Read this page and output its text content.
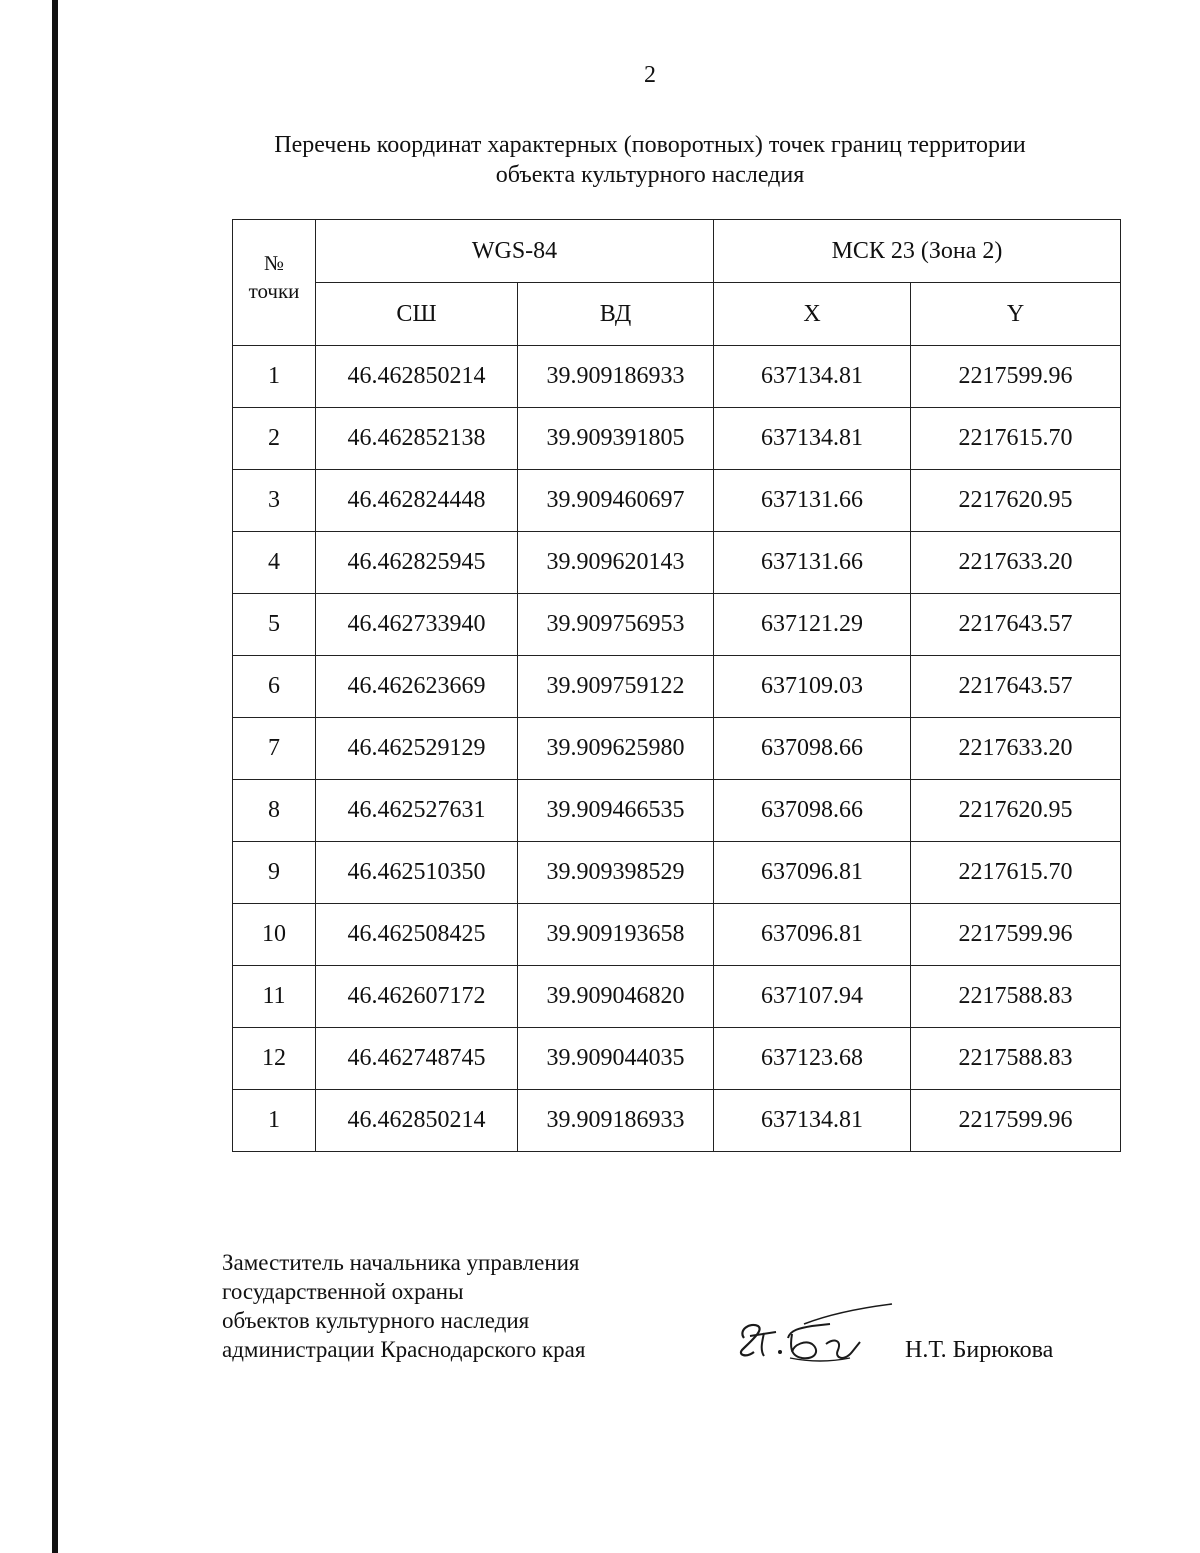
2
Перечень координат характерных (поворотных) точек границ территории
объекта культурного наследия
№
точки	WGS-84		МСК 23 (Зона 2)	
	СШ	ВД	X	Y
1	46.462850214	39.909186933	637134.81	2217599.96
2	46.462852138	39.909391805	637134.81	2217615.70
3	46.462824448	39.909460697	637131.66	2217620.95
4	46.462825945	39.909620143	637131.66	2217633.20
5	46.462733940	39.909756953	637121.29	2217643.57
6	46.462623669	39.909759122	637109.03	2217643.57
7	46.462529129	39.909625980	637098.66	2217633.20
8	46.462527631	39.909466535	637098.66	2217620.95
9	46.462510350	39.909398529	637096.81	2217615.70
10	46.462508425	39.909193658	637096.81	2217599.96
11	46.462607172	39.909046820	637107.94	2217588.83
12	46.462748745	39.909044035	637123.68	2217588.83
1	46.462850214	39.909186933	637134.81	2217599.96
Заместитель начальника управления
государственной охраны
объектов культурного наследия
администрации Краснодарского края	Н.Т. Бирюкова
